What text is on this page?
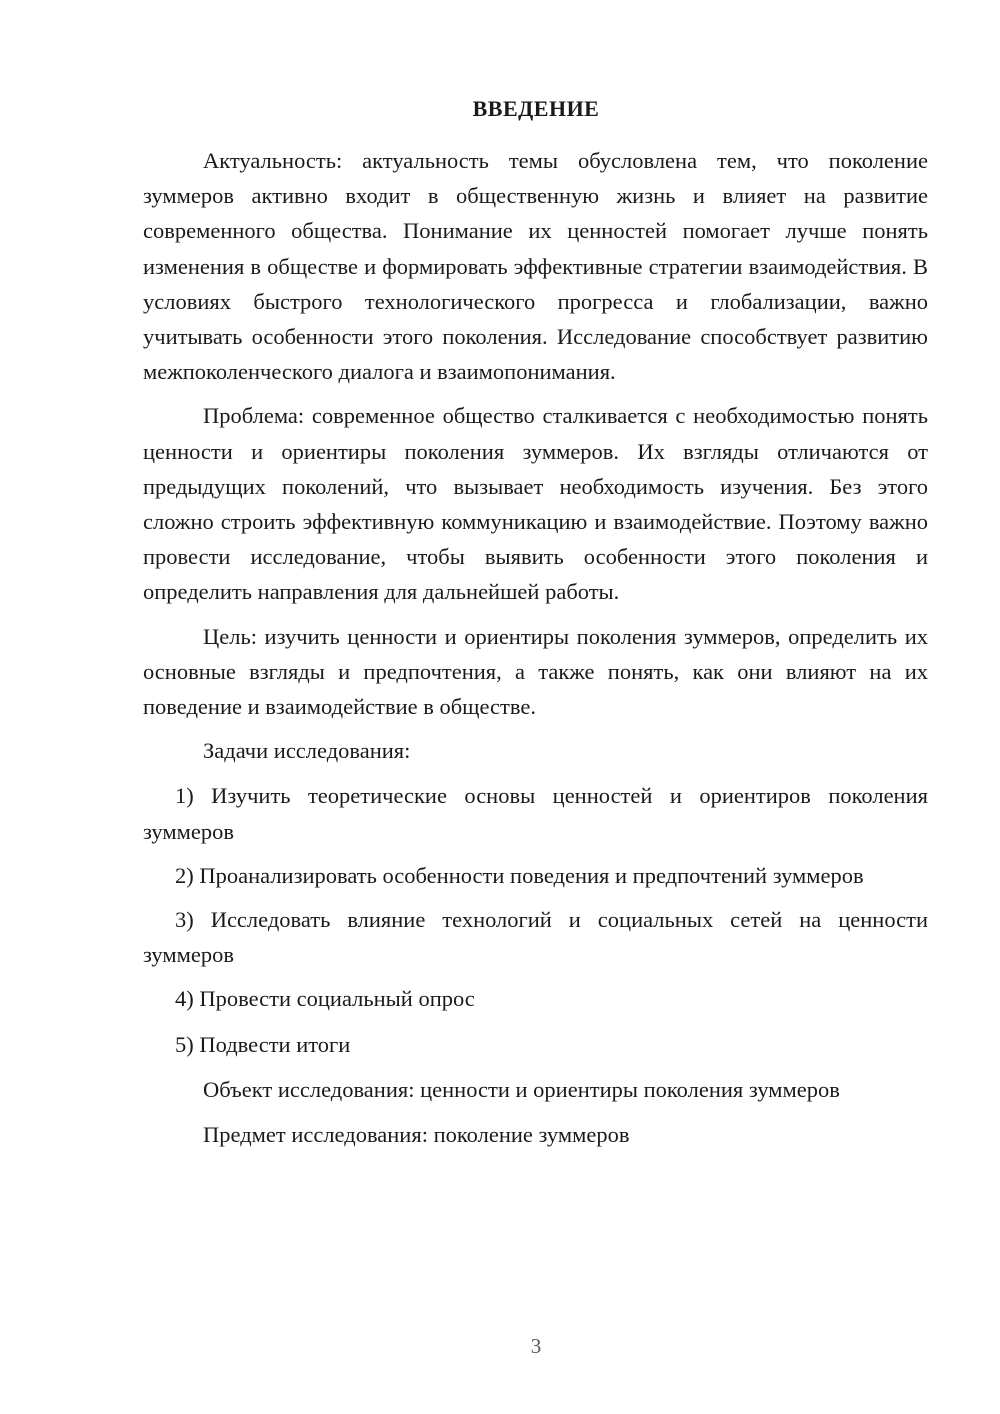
ВВЕДЕНИЕ

Актуальность: актуальность темы обусловлена тем, что поколение зуммеров активно входит в общественную жизнь и влияет на развитие современного общества. Понимание их ценностей помогает лучше понять изменения в обществе и формировать эффективные стратегии взаимодействия. В условиях быстрого технологического прогресса и глобализации, важно учитывать особенности этого поколения. Исследование способствует развитию межпоколенческого диалога и взаимопонимания.

Проблема: современное общество сталкивается с необходимостью понять ценности и ориентиры поколения зуммеров. Их взгляды отличаются от предыдущих поколений, что вызывает необходимость изучения. Без этого сложно строить эффективную коммуникацию и взаимодействие. Поэтому важно провести исследование, чтобы выявить особенности этого поколения и определить направления для дальнейшей работы.

Цель: изучить ценности и ориентиры поколения зуммеров, определить их основные взгляды и предпочтения, а также понять, как они влияют на их поведение и взаимодействие в обществе.

Задачи исследования:

1) Изучить теоретические основы ценностей и ориентиров поколения зуммеров

2) Проанализировать особенности поведения и предпочтений зуммеров

3) Исследовать влияние технологий и социальных сетей на ценности зуммеров

4) Провести социальный опрос

5) Подвести итоги

Объект исследования: ценности и ориентиры поколения зуммеров

Предмет исследования: поколение зуммеров

3
